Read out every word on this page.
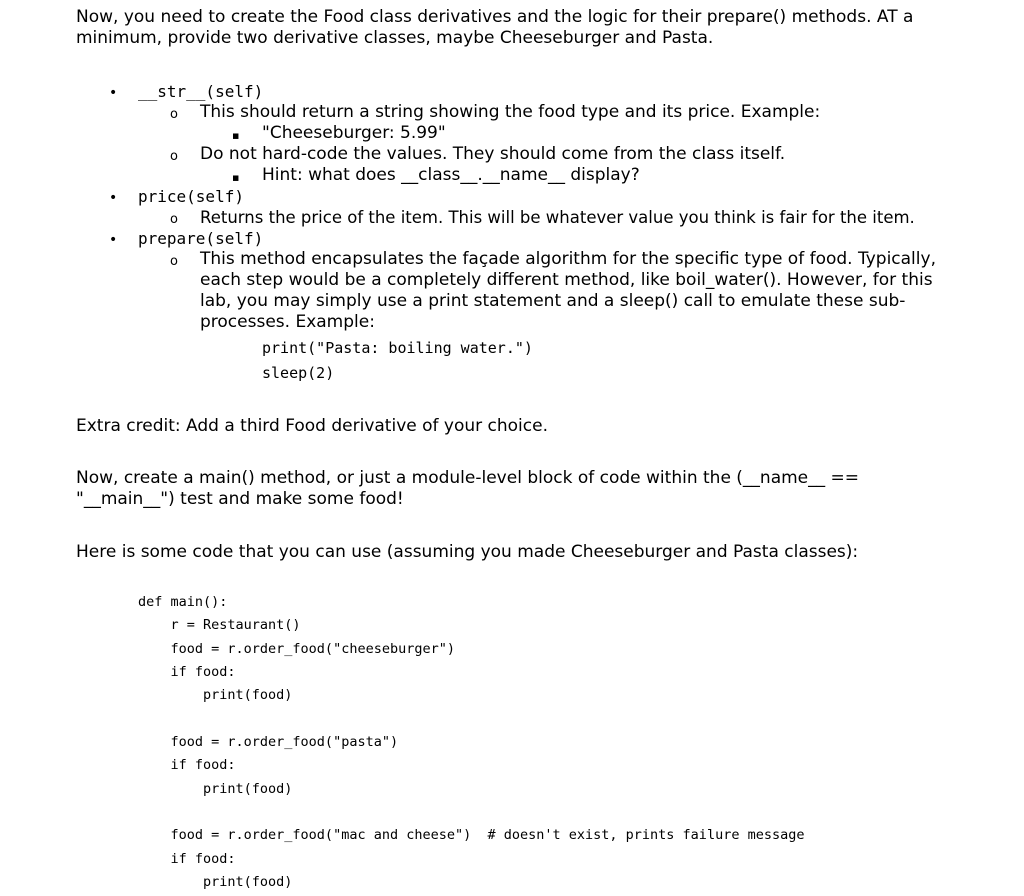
Now, you need to create the Food class derivatives and the logic for their prepare() methods. AT a
minimum, provide two derivative classes, maybe Cheeseburger and Pasta.
• __str__(self)
o This should return a string showing the food type and its price. Example:
▪ "Cheeseburger: 5.99"
o Do not hard-code the values. They should come from the class itself.
▪ Hint: what does __class__.__name__ display?
• price(self)
o Returns the price of the item. This will be whatever value you think is fair for the item.
• prepare(self)
o This method encapsulates the façade algorithm for the specific type of food. Typically,
each step would be a completely different method, like boil_water(). However, for this
lab, you may simply use a print statement and a sleep() call to emulate these sub-
processes. Example:
print("Pasta: boiling water.")
sleep(2)
Extra credit: Add a third Food derivative of your choice.
Now, create a main() method, or just a module-level block of code within the (__name__ ==
"__main__") test and make some food!
Here is some code that you can use (assuming you made Cheeseburger and Pasta classes):
def main():
r = Restaurant()
food = r.order_food("cheeseburger")
if food:
print(food)
food = r.order_food("pasta")
if food:
print(food)
food = r.order_food("mac and cheese")  # doesn't exist, prints failure message
if food:
print(food)
